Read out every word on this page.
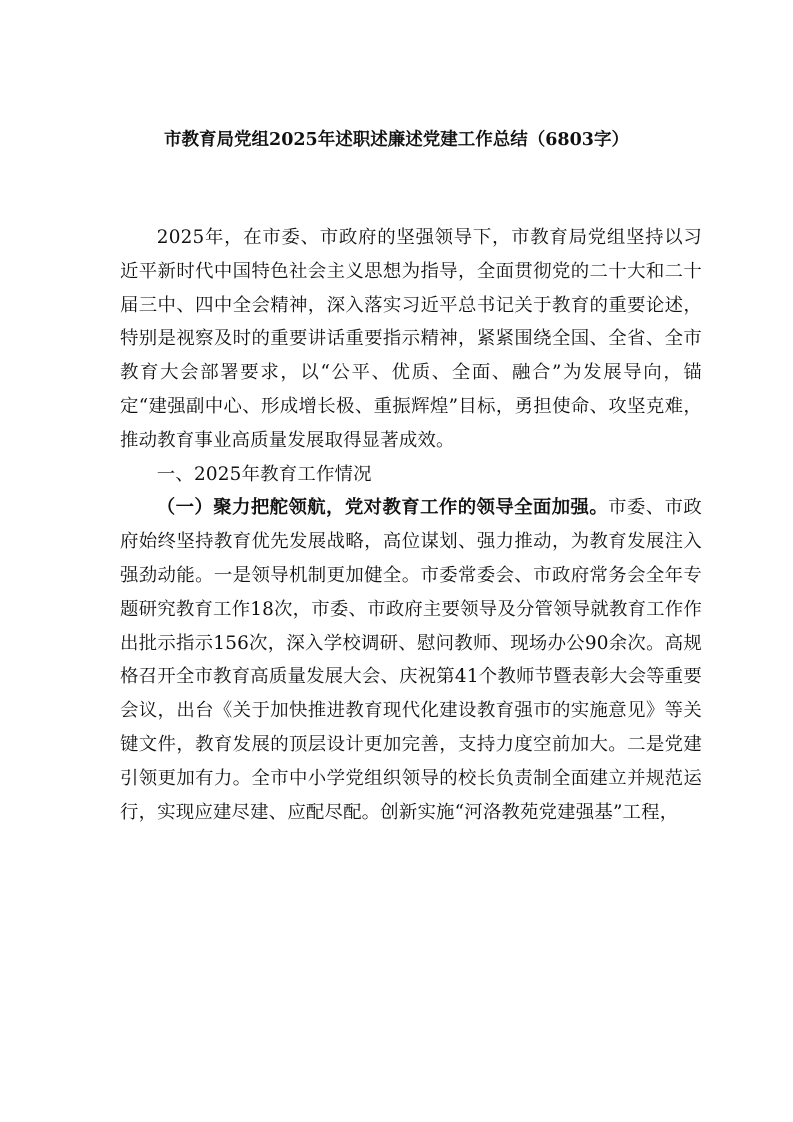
市教育局党组2025年述职述廉述党建工作总结（6803字）

2025年，在市委、市政府的坚强领导下，市教育局党组坚持以习近平新时代中国特色社会主义思想为指导，全面贯彻党的二十大和二十届三中、四中全会精神，深入落实习近平总书记关于教育的重要论述，特别是视察及时的重要讲话重要指示精神，紧紧围绕全国、全省、全市教育大会部署要求，以“公平、优质、全面、融合”为发展导向，锚定“建强副中心、形成增长极、重振辉煌”目标，勇担使命、攻坚克难，推动教育事业高质量发展取得显著成效。

一、2025年教育工作情况

（一）聚力把舵领航，党对教育工作的领导全面加强。市委、市政府始终坚持教育优先发展战略，高位谋划、强力推动，为教育发展注入强劲动能。一是领导机制更加健全。市委常委会、市政府常务会全年专题研究教育工作18次，市委、市政府主要领导及分管领导就教育工作作出批示指示156次，深入学校调研、慰问教师、现场办公90余次。高规格召开全市教育高质量发展大会、庆祝第41个教师节暨表彰大会等重要会议，出台《关于加快推进教育现代化建设教育强市的实施意见》等关键文件，教育发展的顶层设计更加完善，支持力度空前加大。二是党建引领更加有力。全市中小学党组织领导的校长负责制全面建立并规范运行，实现应建尽建、应配尽配。创新实施“河洛教苑党建强基”工程，
